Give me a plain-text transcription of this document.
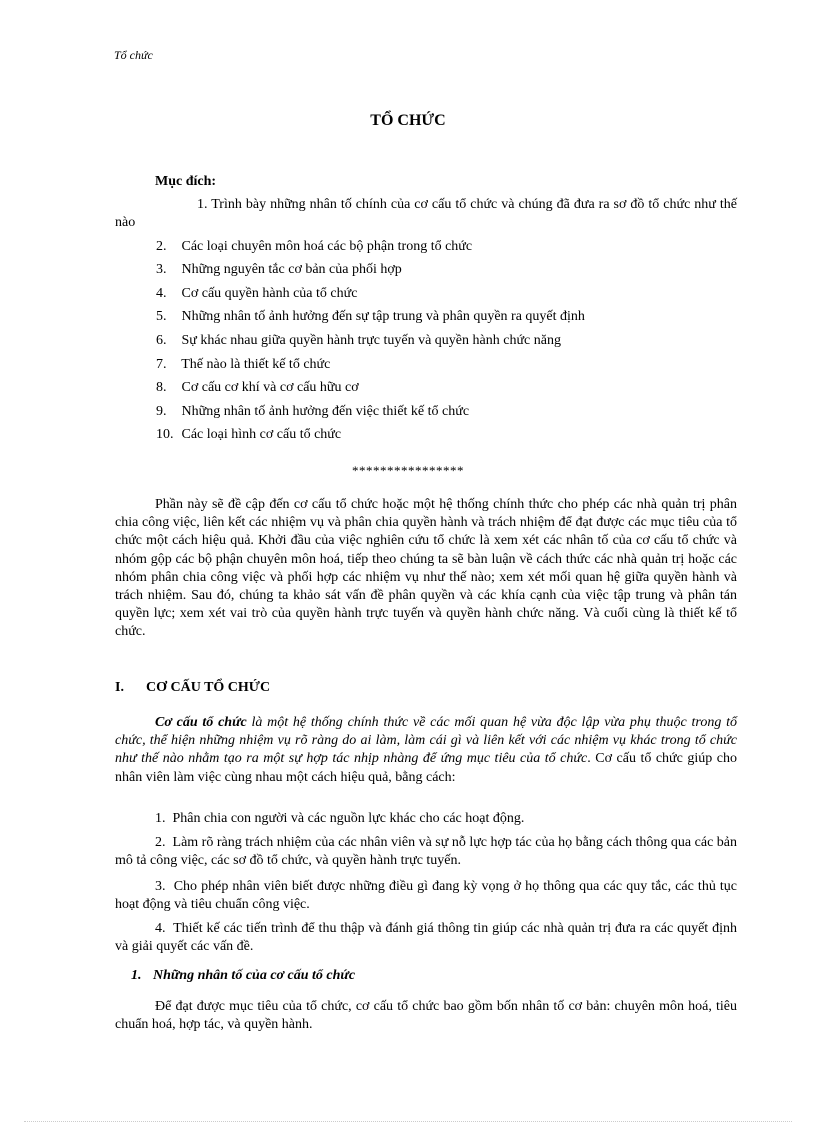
Tổ chức
TỔ CHỨC
Mục đích:
1. Trình bày những nhân tố chính của cơ cấu tổ chức và chúng đã đưa ra sơ đồ tổ chức như thế nào
2. Các loại chuyên môn hoá các bộ phận trong tổ chức
3. Những nguyên tắc cơ bản của phối hợp
4. Cơ cấu quyền hành của tổ chức
5. Những nhân tố ảnh hưởng đến sự tập trung và phân quyền ra quyết định
6. Sự khác nhau giữa quyền hành trực tuyến và quyền hành chức năng
7. Thế nào là thiết kế tổ chức
8. Cơ cấu cơ khí và cơ cấu hữu cơ
9. Những nhân tố ảnh hưởng đến việc thiết kế tổ chức
10. Các loại hình cơ cấu tổ chức
****************

Phần này sẽ đề cập đến cơ cấu tổ chức hoặc một hệ thống chính thức cho phép các nhà quản trị phân chia công việc, liên kết các nhiệm vụ và phân chia quyền hành và trách nhiệm để đạt được các mục tiêu của tổ chức một cách hiệu quả. Khởi đầu của việc nghiên cứu tổ chức là xem xét các nhân tố của cơ cấu tổ chức và nhóm gộp các bộ phận chuyên môn hoá, tiếp theo chúng ta sẽ bàn luận về cách thức các nhà quản trị hoặc các nhóm phân chia công việc và phối hợp các nhiệm vụ như thế nào; xem xét mối quan hệ giữa quyền hành và trách nhiệm. Sau đó, chúng ta khảo sát vấn đề phân quyền và các khía cạnh của việc tập trung và phân tán quyền lực; xem xét vai trò của quyền hành trực tuyến và quyền hành chức năng. Và cuối cùng là thiết kế tổ chức.

I. CƠ CẤU TỔ CHỨC

Cơ cấu tổ chức là một hệ thống chính thức về các mối quan hệ vừa độc lập vừa phụ thuộc trong tổ chức, thể hiện những nhiệm vụ rõ ràng do ai làm, làm cái gì và liên kết với các nhiệm vụ khác trong tổ chức như thế nào nhằm tạo ra một sự hợp tác nhịp nhàng để ứng mục tiêu của tổ chức. Cơ cấu tổ chức giúp cho nhân viên làm việc cùng nhau một cách hiệu quả, bằng cách:

1. Phân chia con người và các nguồn lực khác cho các hoạt động.

2. Làm rõ ràng trách nhiệm của các nhân viên và sự nỗ lực hợp tác của họ bằng cách thông qua các bản mô tả công việc, các sơ đồ tổ chức, và quyền hành trực tuyến.

3. Cho phép nhân viên biết được những điều gì đang kỳ vọng ở họ thông qua các quy tắc, các thủ tục hoạt động và tiêu chuẩn công việc.

4. Thiết kế các tiến trình để thu thập và đánh giá thông tin giúp các nhà quản trị đưa ra các quyết định và giải quyết các vấn đề.

1. Những nhân tố của cơ cấu tổ chức

Để đạt được mục tiêu của tổ chức, cơ cấu tổ chức bao gồm bốn nhân tố cơ bản: chuyên môn hoá, tiêu chuẩn hoá, hợp tác, và quyền hành.
